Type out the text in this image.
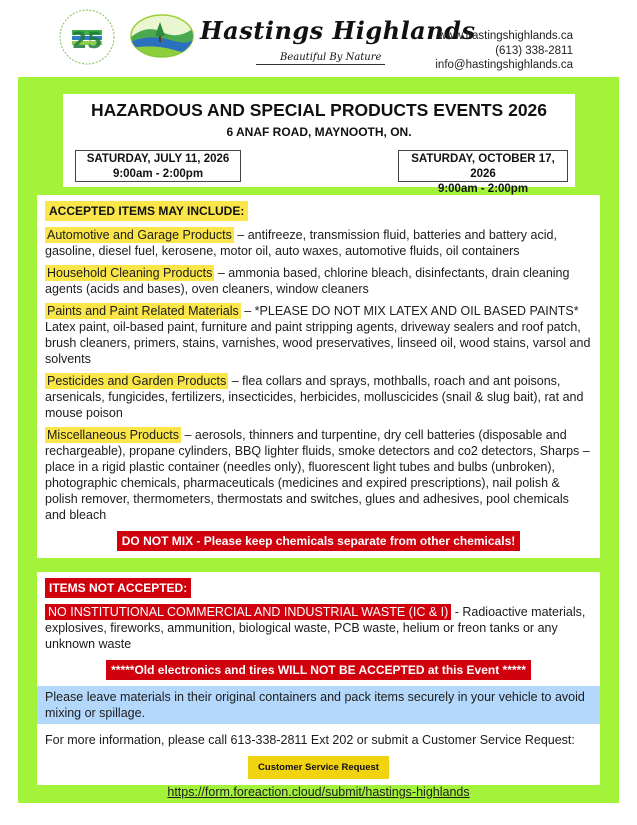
25	Hastings Highlands
Beautiful By Nature
www.hastingshighlands.ca
(613) 338-2811
info@hastingshighlands.ca
HAZARDOUS AND SPECIAL PRODUCTS EVENTS 2026
6 ANAF ROAD, MAYNOOTH, ON.
SATURDAY, JULY 11, 2026
9:00am - 2:00pm
SATURDAY, OCTOBER 17, 2026
9:00am - 2:00pm
ACCEPTED ITEMS MAY INCLUDE:

Automotive and Garage Products – antifreeze, transmission fluid, batteries and battery acid, gasoline, diesel fuel, kerosene, motor oil, auto waxes, automotive fluids, oil containers

Household Cleaning Products – ammonia based, chlorine bleach, disinfectants, drain cleaning agents (acids and bases), oven cleaners, window cleaners

Paints and Paint Related Materials – *PLEASE DO NOT MIX LATEX AND OIL BASED PAINTS* Latex paint, oil-based paint, furniture and paint stripping agents, driveway sealers and roof patch, brush cleaners, primers, stains, varnishes, wood preservatives, linseed oil, wood stains, varsol and solvents

Pesticides and Garden Products – flea collars and sprays, mothballs, roach and ant poisons, arsenicals, fungicides, fertilizers, insecticides, herbicides, molluscicides (snail & slug bait), rat and mouse poison

Miscellaneous Products – aerosols, thinners and turpentine, dry cell batteries (disposable and rechargeable), propane cylinders, BBQ lighter fluids, smoke detectors and co2 detectors, Sharps – place in a rigid plastic container (needles only), fluorescent light tubes and bulbs (unbroken), photographic chemicals, pharmaceuticals (medicines and expired prescriptions), nail polish & polish remover, thermometers, thermostats and switches, glues and adhesives, pool chemicals and bleach

DO NOT MIX - Please keep chemicals separate from other chemicals!
ITEMS NOT ACCEPTED:

NO INSTITUTIONAL COMMERCIAL AND INDUSTRIAL WASTE (IC & I) - Radioactive materials, explosives, fireworks, ammunition, biological waste, PCB waste, helium or freon tanks or any unknown waste

*****Old electronics and tires WILL NOT BE ACCEPTED at this Event *****
Please leave materials in their original containers and pack items securely in your vehicle to avoid mixing or spillage.
For more information, please call 613-338-2811 Ext 202 or submit a Customer Service Request:
Customer Service Request
https://form.foreaction.cloud/submit/hastings-highlands
